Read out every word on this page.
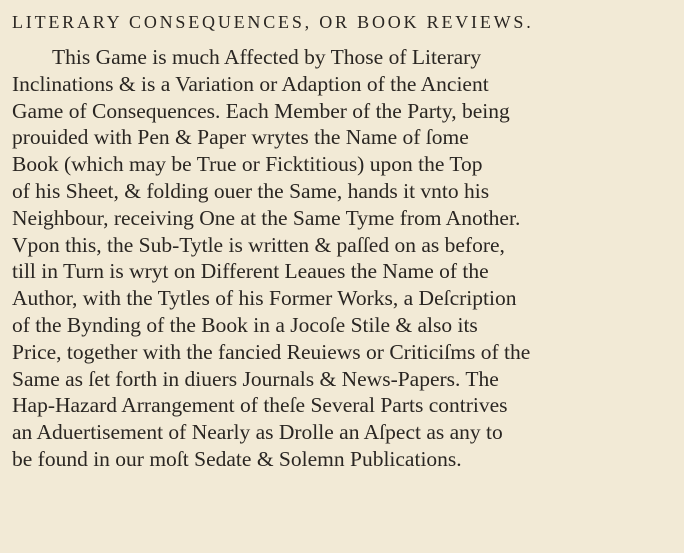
LITERARY CONSEQUENCES, OR BOOK REVIEWS.
This Game is much Affected by Those of Literary
Inclinations & is a Variation or Adaption of the Ancient
Game of Consequences. Each Member of the Party, being
prouided with Pen & Paper wrytes the Name of ſome
Book (which may be True or Ficktitious) upon the Top
of his Sheet, & folding ouer the Same, hands it vnto his
Neighbour, receiving One at the Same Tyme from Another.
Vpon this, the Sub-Tytle is written & paſſed on as before,
till in Turn is wryt on Different Leaues the Name of the
Author, with the Tytles of his Former Works, a Deſcription
of the Bynding of the Book in a Jocoſe Stile & also its
Price, together with the fancied Reuiews or Criticiſms of the
Same as ſet forth in diuers Journals & News-Papers. The
Hap-Hazard Arrangement of theſe Several Parts contrives
an Aduertisement of Nearly as Drolle an Aſpect as any to
be found in our moſt Sedate & Solemn Publications.
